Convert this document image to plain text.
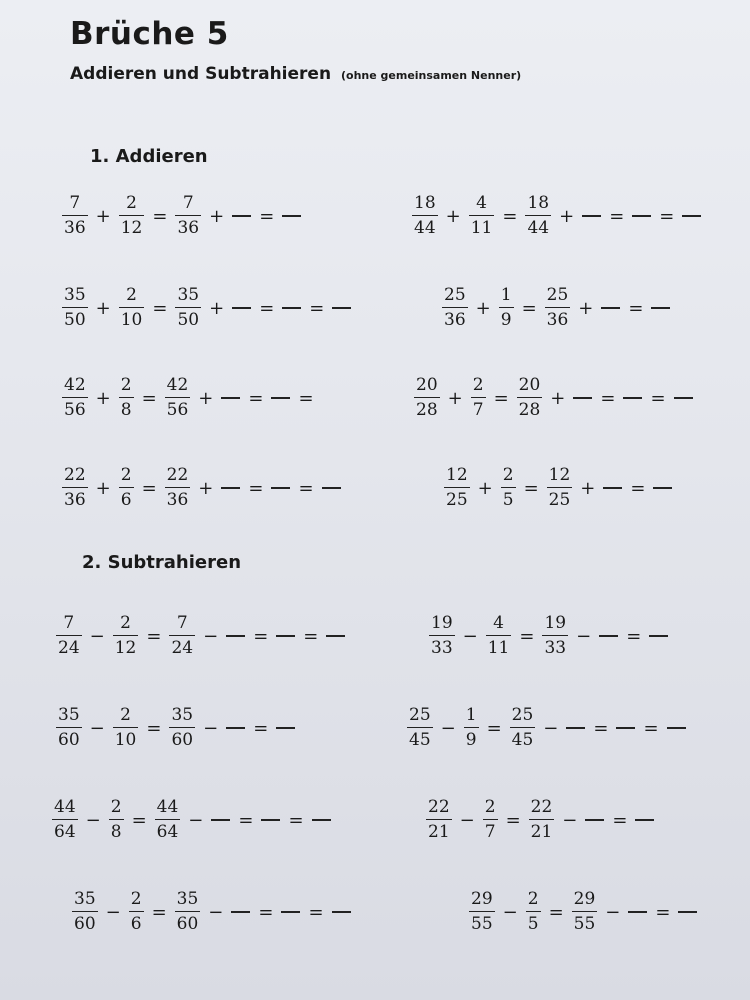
Brüche 5
Addieren und Subtrahieren (ohne gemeinsamen Nenner)
1. Addieren
2. Subtrahieren
$\frac{7}{36} + \frac{2}{12} = \frac{7}{36}$ + =	$\frac{18}{44} + \frac{4}{11} = \frac{18}{44}$ + = =
$\frac{35}{50} + \frac{2}{10} = \frac{35}{50}$ + = =	$\frac{25}{36} + \frac{1}{9} = \frac{25}{36}$ + =
$\frac{42}{56} + \frac{2}{8} = \frac{42}{56}$ + = =	$\frac{20}{28} + \frac{2}{7} = \frac{20}{28}$ + = =
$\frac{22}{36} + \frac{2}{6} = \frac{22}{36}$ + = =	$\frac{12}{25} + \frac{2}{5} = \frac{12}{25}$ + =
$\frac{7}{24} - \frac{2}{12} = \frac{7}{24}$ − = =	$\frac{19}{33} - \frac{4}{11} = \frac{19}{33}$ − =
$\frac{35}{60} - \frac{2}{10} = \frac{35}{60}$ − =	$\frac{25}{45} - \frac{1}{9} = \frac{25}{45}$ − = =
$\frac{44}{64} - \frac{2}{8} = \frac{44}{64}$ − = =	$\frac{22}{21} - \frac{2}{7} = \frac{22}{21}$ − =
$\frac{35}{60} - \frac{2}{6} = \frac{35}{60}$ − = =	$\frac{29}{55} - \frac{2}{5} = \frac{29}{55}$ − =
